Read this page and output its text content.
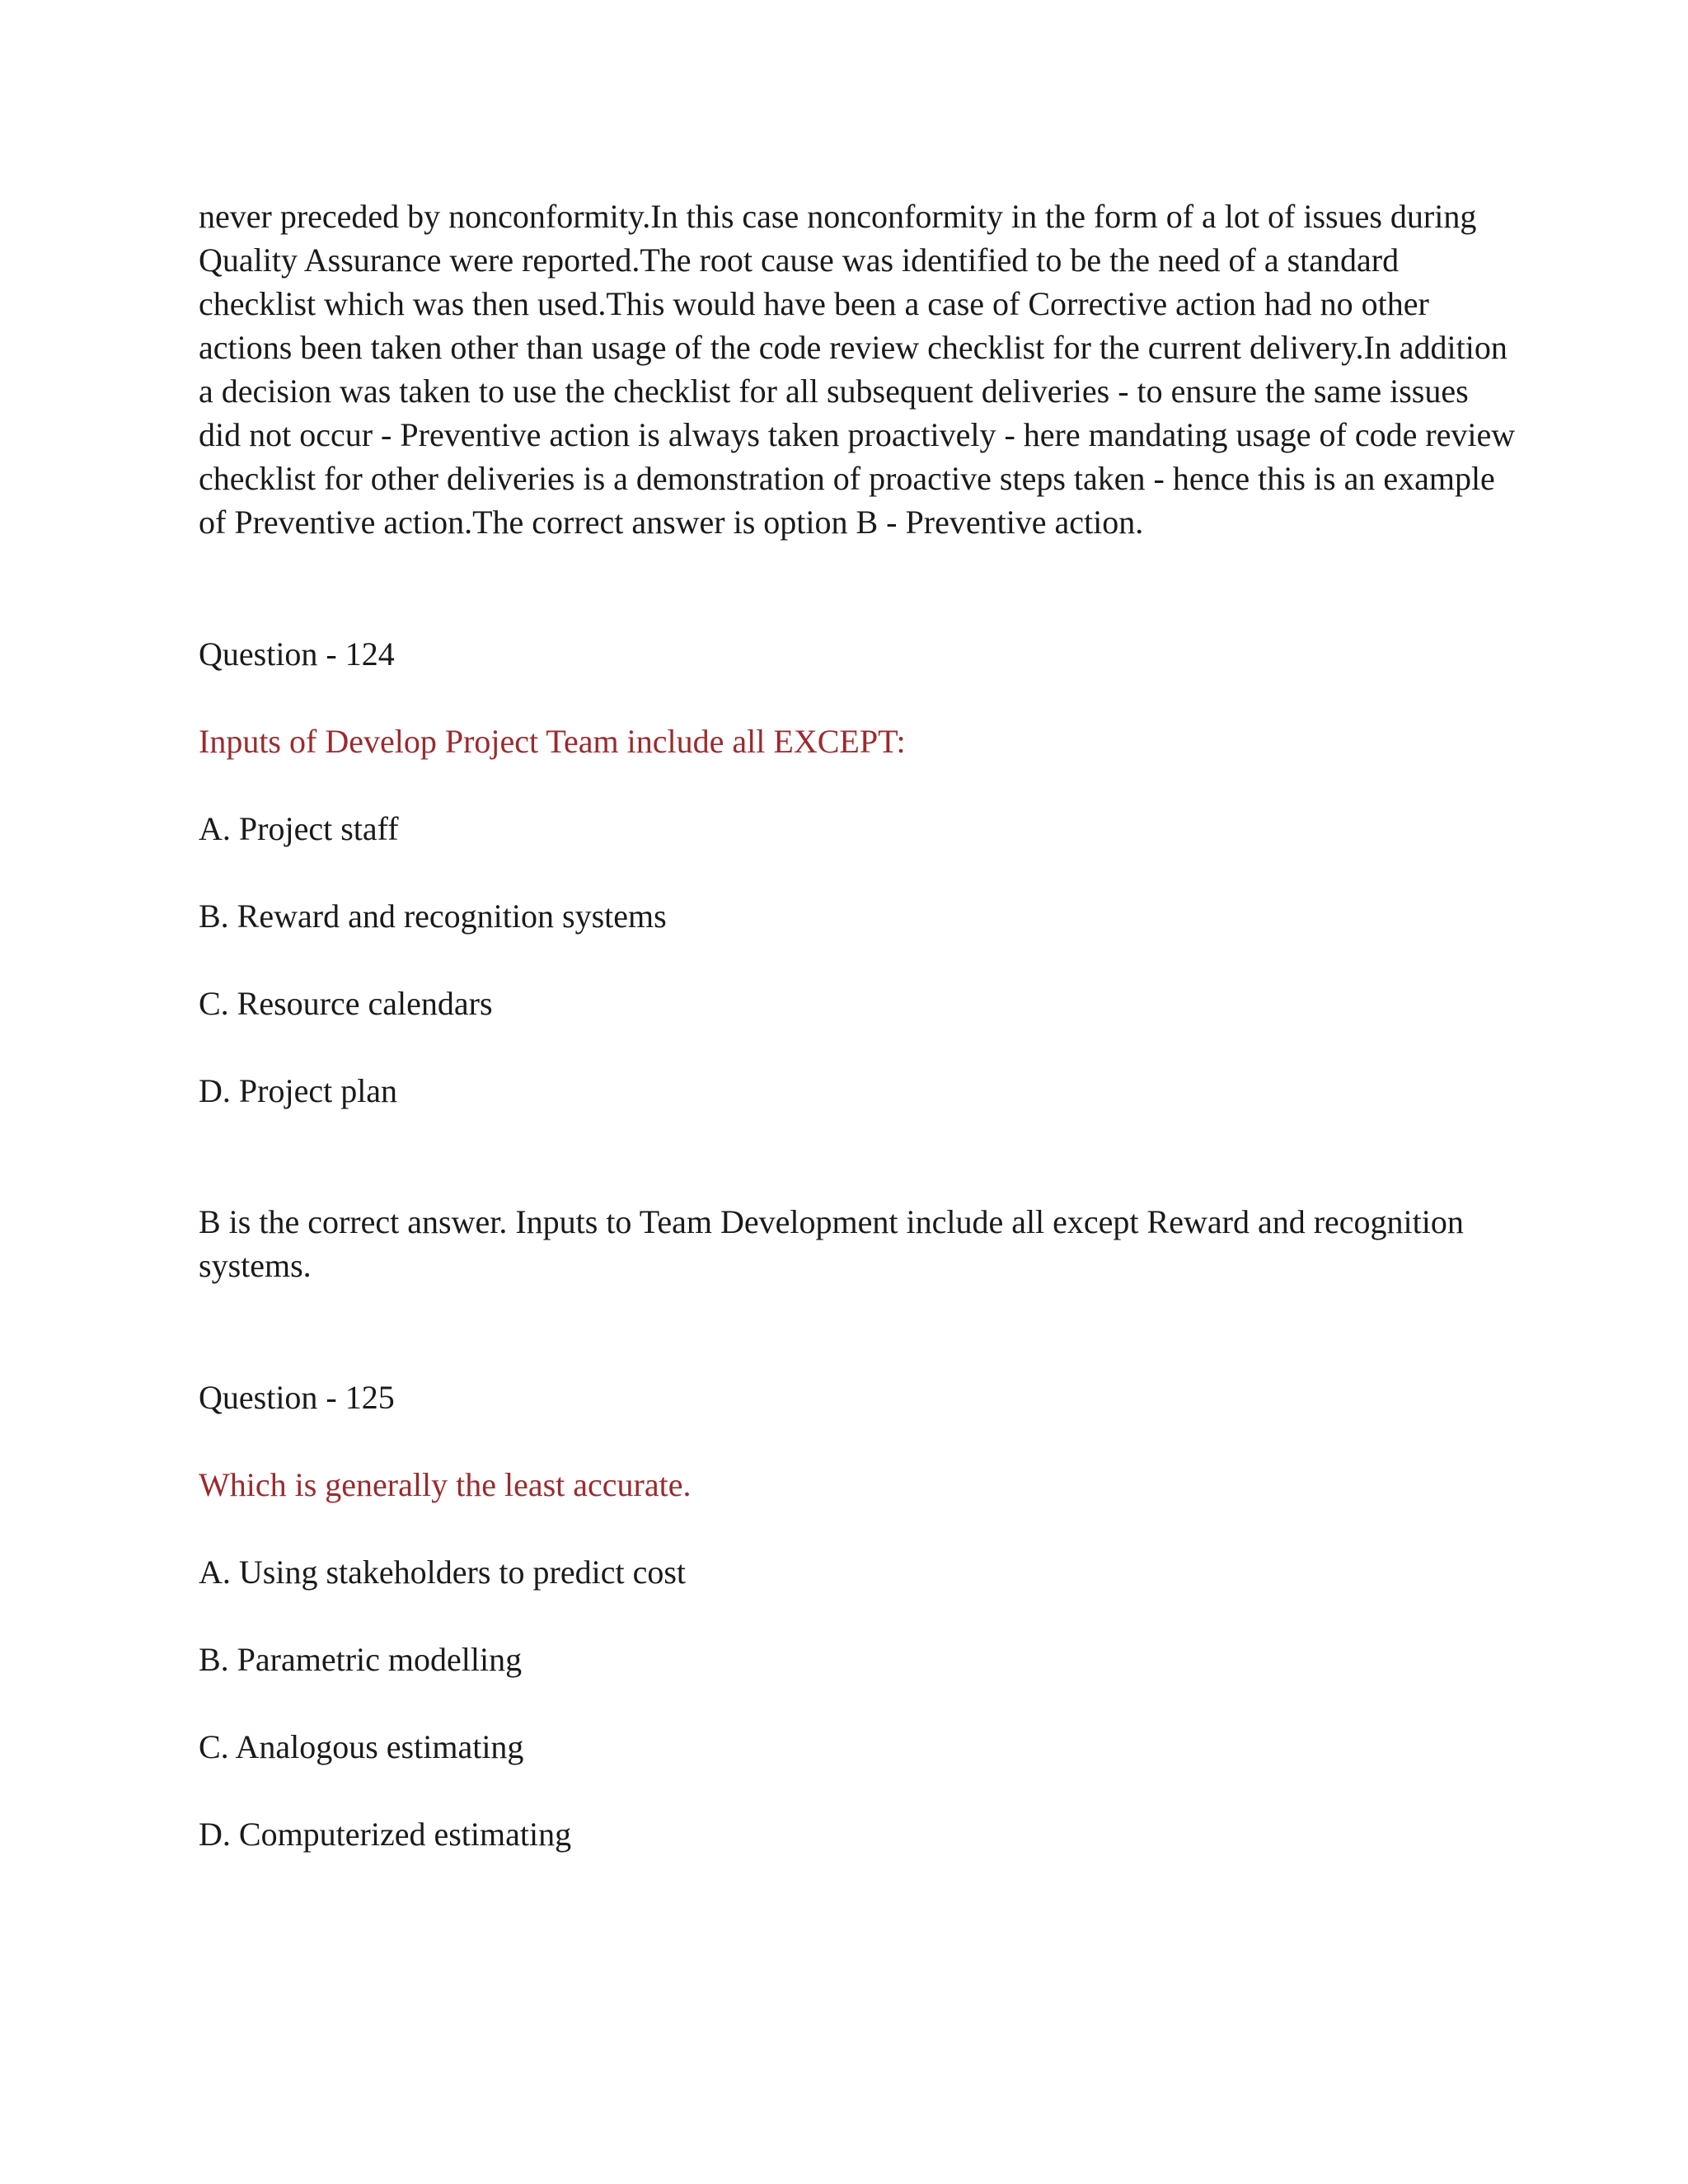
never preceded by nonconformity.In this case nonconformity in the form of a lot of issues during Quality Assurance were reported.The root cause was identified to be the need of a standard checklist which was then used.This would have been a case of Corrective action had no other actions been taken other than usage of the code review checklist for the current delivery.In addition a decision was taken to use the checklist for all subsequent deliveries - to ensure the same issues did not occur - Preventive action is always taken proactively - here mandating usage of code review checklist for other deliveries is a demonstration of proactive steps taken - hence this is an example of Preventive action.The correct answer is option B - Preventive action.

Question - 124

Inputs of Develop Project Team include all EXCEPT:

A. Project staff

B. Reward and recognition systems

C. Resource calendars

D. Project plan

B is the correct answer. Inputs to Team Development include all except Reward and recognition systems.

Question - 125

Which is generally the least accurate.

A. Using stakeholders to predict cost

B. Parametric modelling

C. Analogous estimating

D. Computerized estimating
